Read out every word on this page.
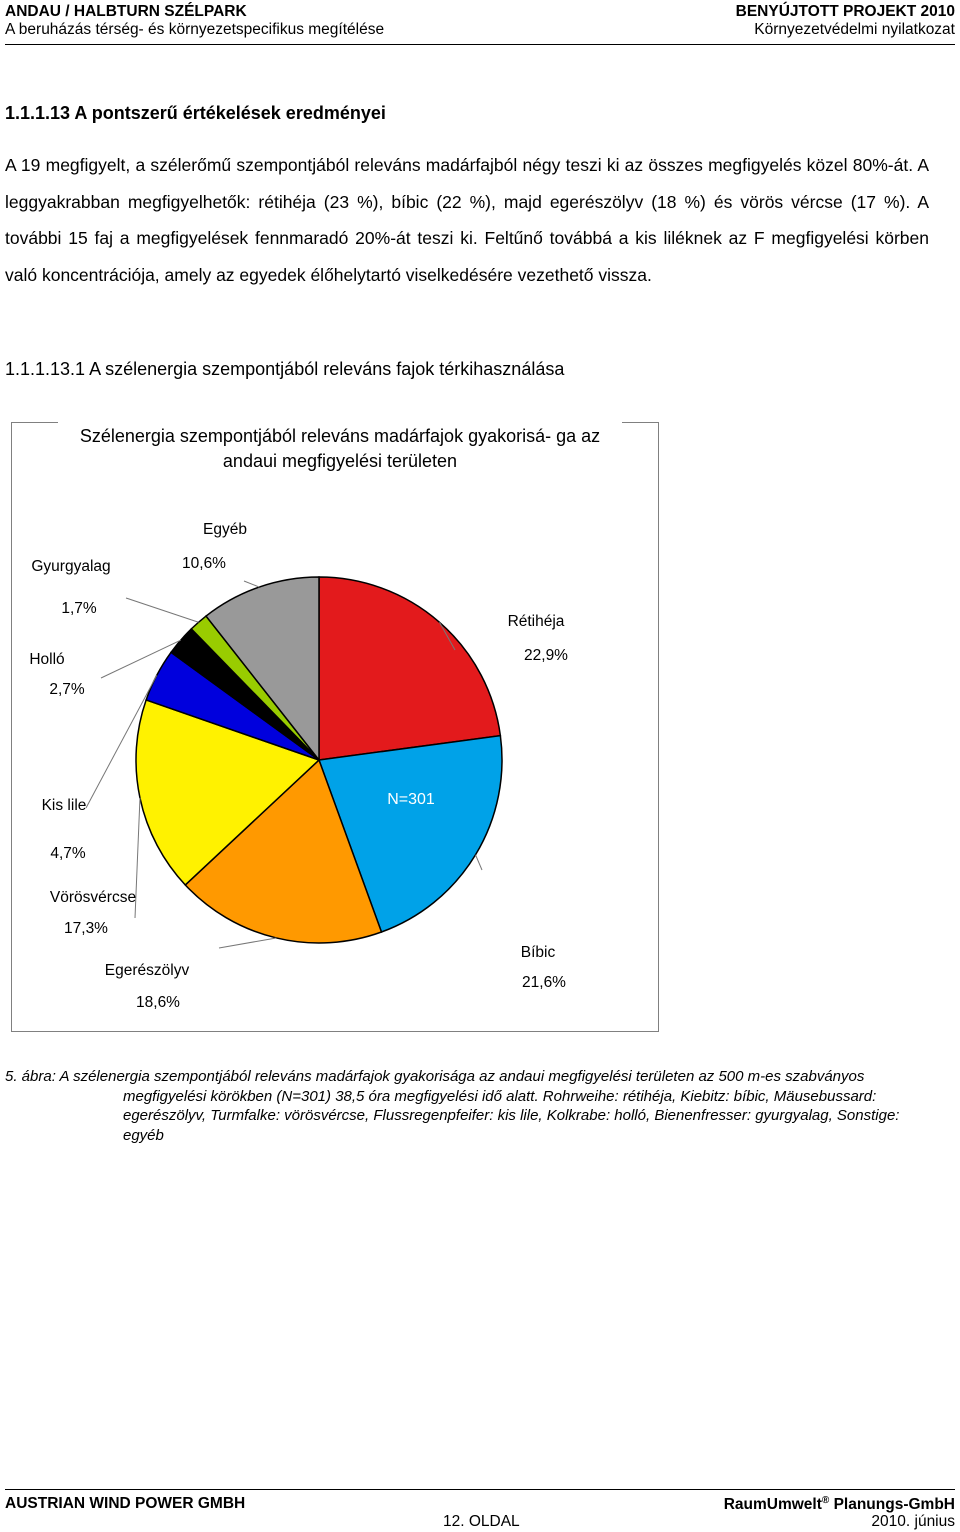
ANDAU / HALBTURN SZÉLPARK
A beruházás térség- és környezetspecifikus megítélése
BENYÚJTOTT PROJEKT 2010
Környezetvédelmi nyilatkozat
1.1.1.13 A pontszerű értékelések eredményei
A 19 megfigyelt, a szélerőmű szempontjából releváns madárfajból négy teszi ki az összes megfigyelés közel 80%-át. A leggyakrabban megfigyelhetők: rétihéja (23 %), bíbic (22 %), majd egerészölyv (18 %) és vörös vércse (17 %). A további 15 faj a megfigyelések fennmaradó 20%-át teszi ki. Feltűnő továbbá a kis liléknek az F megfigyelési körben való koncentrációja, amely az egyedek élőhelytartó viselkedésére vezethető vissza.
1.1.1.13.1 A szélenergia szempontjából releváns fajok térkihasználása
Szélenergia szempontjából releváns madárfajok gyakorisá- ga az andaui megfigyelési területen
Rétihéja
22,9%
Bíbic
21,6%
Egerészölyv
18,6%
Vörösvércse
17,3%
Kis lile
4,7%
Holló
2,7%
Gyurgyalag
1,7%
Egyéb
10,6%
N=301
5. ábra: A szélenergia szempontjából releváns madárfajok gyakorisága az andaui megfigyelési területen az 500 m-es szabványos megfigyelési körökben (N=301) 38,5 óra megfigyelési idő alatt. Rohrweihe: rétihéja, Kiebitz: bíbic, Mäusebussard: egerészölyv, Turmfalke: vörösvércse, Flussregenpfeifer: kis lile, Kolkrabe: holló, Bienenfresser: gyurgyalag, Sonstige: egyéb
AUSTRIAN WIND POWER GMBH
12. OLDAL
RaumUmwelt® Planungs-GmbH
2010. június
